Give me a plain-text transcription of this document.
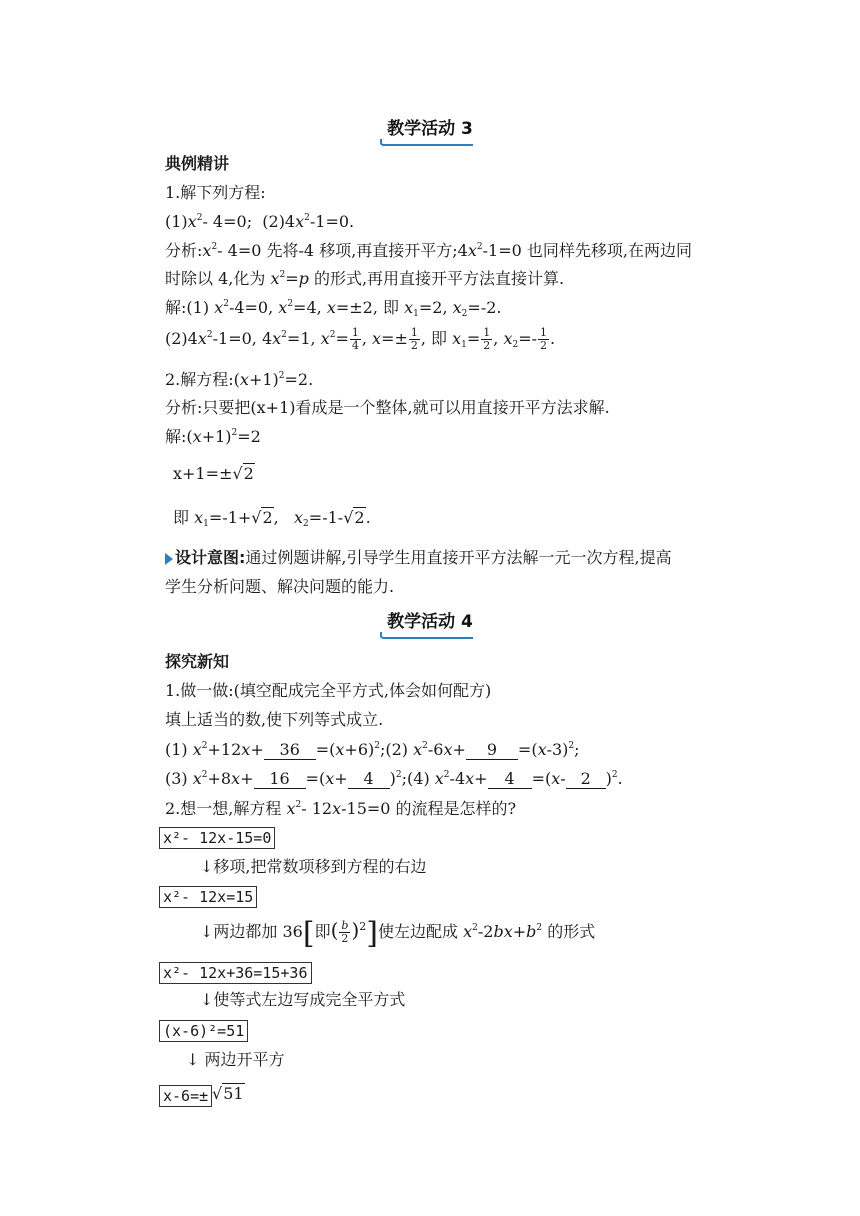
教学活动 3
典例精讲
1.解下列方程:
$(1)x^2-$ 4=0;  $(2)4x^2-1=0$.
分析$:x^2-$ 4=0 先将-4 移项,再直接开平方$;4x^2-1=0$ 也同样先移项,在两边同
时除以 4,化为 $x^2=p$ 的形式,再用直接开平方法直接计算.
解:(1) $x^2-4=0$, $x^2=4$, x=±2, 即 $x_1=2$, $x_2=-2$.
$(2)4x^2-1=0$, $4x^2=1$, $x^2= \frac{1}{4}$ , $x=\pm \frac{1}{2}$ , 即 $x_1= \frac{1}{2}$ , $x_2=- \frac{1}{2}$ .
2.解方程$:(x+1)^2=2$.
分析:只要把(x+1)看成是一个整体,就可以用直接开平方法求解.
解$:(x+1)^2=2$
x+1=±√2
即 $x_1=-1+√2$,   $x_2=-1-√2$.
设计意图:通过例题讲解,引导学生用直接开平方法解一元一次方程,提高
学生分析问题、解决问题的能力.
教学活动 4
探究新知
1.做一做:(填空配成完全平方式,体会如何配方)
填上适当的数,使下列等式成立.
(1) $x^2+12x+ 36$ $=(x+6)^2;(2)$ $x^2-6x+ 9 =(x-3)^2$;
(3) $x^2+8x+ 16 =(x+ 4$ )$^2$;(4) $x^2-4x+ 4 =(x-$ 2 )$^2$.
2.想一想,解方程 $x^2-$ 12x-15=0 的流程是怎样的?
x²- 12x-15=0
↓移项,把常数项移到方程的右边
x²- 12x=15
↓两边都加 36[即( $\frac{b}{2} )^2$]使左边配成 $x^2-2bx+b^2$ 的形式
x²- 12x+36=15+36
↓使等式左边写成完全平方式
(x-6)²=51
↓ 两边开平方
x-6=± √51
